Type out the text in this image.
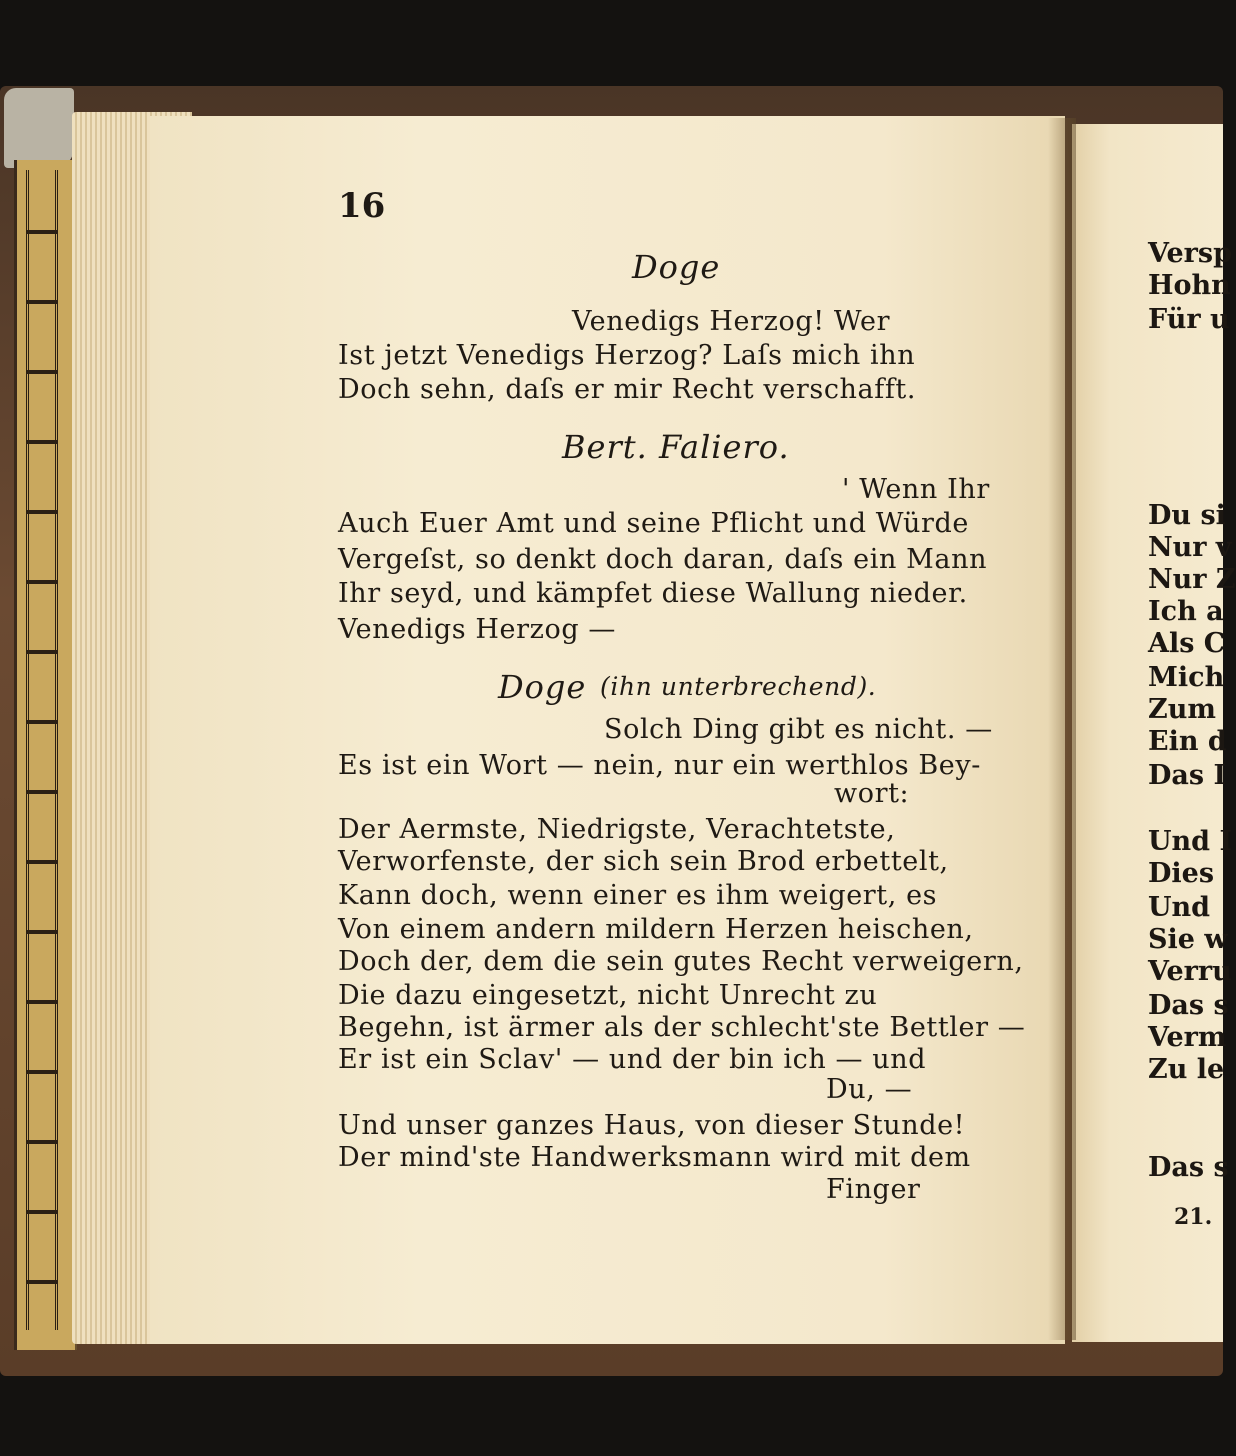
16
Doge
Venedigs Herzog! Wer
Ist jetzt Venedigs Herzog? Laſs mich ihn
Doch sehn, daſs er mir Recht verschafft.
Bert. Faliero.
' Wenn Ihr
Auch Euer Amt und seine Pflicht und Würde
Vergeſst, so denkt doch daran, daſs ein Mann
Ihr seyd, und kämpfet diese Wallung nieder.
Venedigs Herzog —
Doge (ihn unterbrechend).
Solch Ding gibt es nicht. —
Es ist ein Wort — nein, nur ein werthlos Bey-
wort:
Der Aermste, Niedrigste, Verachtetste,
Verworfenste, der sich sein Brod erbettelt,
Kann doch, wenn einer es ihm weigert, es
Von einem andern mildern Herzen heischen,
Doch der, dem die sein gutes Recht verweigern,
Die dazu eingesetzt, nicht Unrecht zu
Begehn, ist ärmer als der schlecht'ste Bettler —
Er ist ein Sclav' — und der bin ich — und
Du, —
Und unser ganzes Haus, von dieser Stunde!
Der mind'ste Handwerksmann wird mit dem
Finger
Versp
Hohn
Für u
Du si
Nur v
Nur Z
Ich a
Als C
Mich
Zum
Ein d
Das I
Und I
Dies
Und
Sie w
Verru
Das s
Verm
Zu le
Das s
21.
